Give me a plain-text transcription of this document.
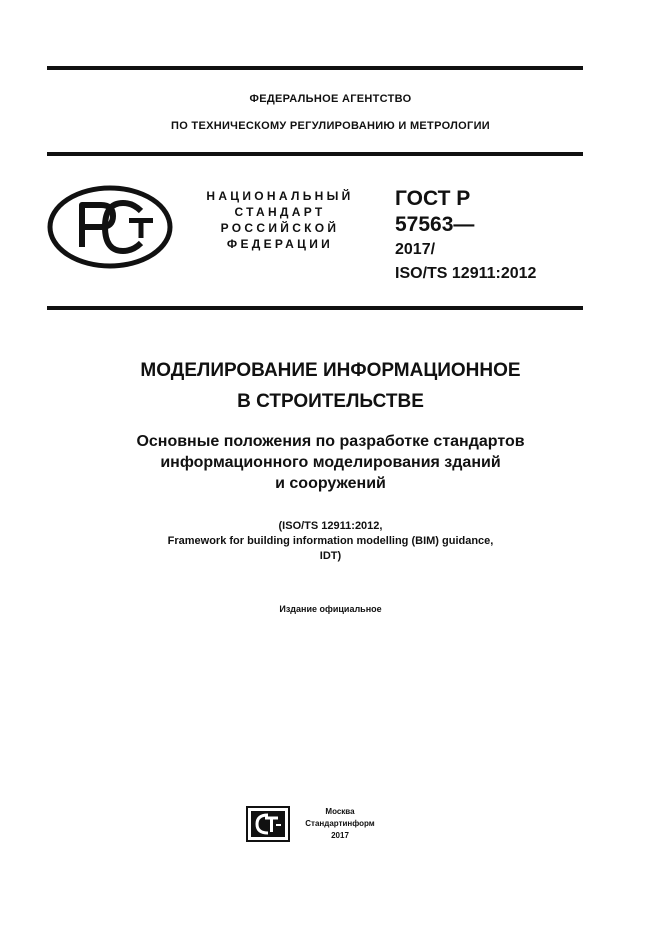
ФЕДЕРАЛЬНОЕ АГЕНТСТВО
ПО ТЕХНИЧЕСКОМУ РЕГУЛИРОВАНИЮ И МЕТРОЛОГИИ
НАЦИОНАЛЬНЫЙ
СТАНДАРТ
РОССИЙСКОЙ
ФЕДЕРАЦИИ
ГОСТ Р
57563—
2017/
ISO/TS 12911:2012
МОДЕЛИРОВАНИЕ ИНФОРМАЦИОННОЕ
В СТРОИТЕЛЬСТВЕ
Основные положения по разработке стандартов
информационного моделирования зданий
и сооружений
(ISO/TS 12911:2012,
Framework for building information modelling (BIM) guidance,
IDT)
Издание официальное
Москва
Стандартинформ
2017
